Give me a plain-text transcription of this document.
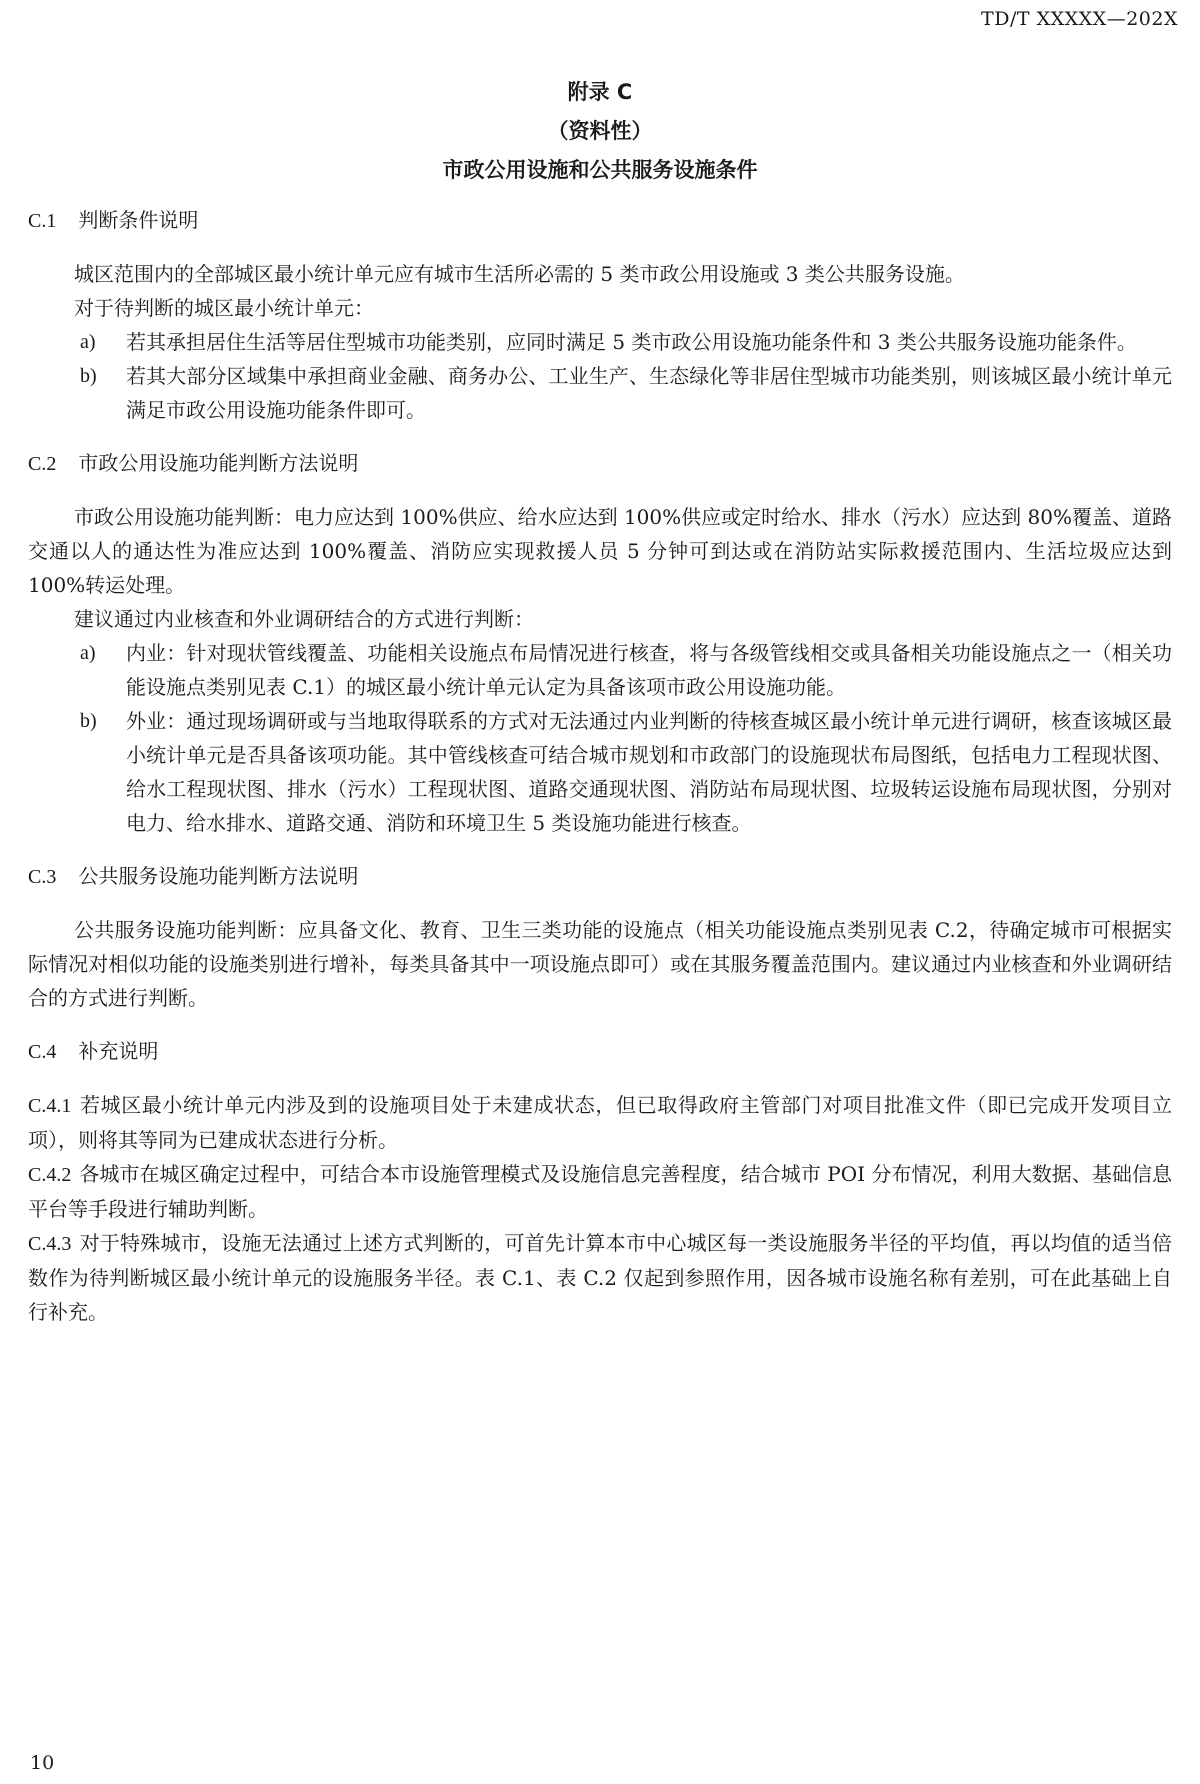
TD/T XXXXX—202X
附录 C
（资料性）
市政公用设施和公共服务设施条件
C.1 判断条件说明

城区范围内的全部城区最小统计单元应有城市生活所必需的 5 类市政公用设施或 3 类公共服务设施。

对于待判断的城区最小统计单元：

a) 若其承担居住生活等居住型城市功能类别，应同时满足 5 类市政公用设施功能条件和 3 类公共服务设施功能条件。
b) 若其大部分区域集中承担商业金融、商务办公、工业生产、生态绿化等非居住型城市功能类别，则该城区最小统计单元满足市政公用设施功能条件即可。
C.2 市政公用设施功能判断方法说明

市政公用设施功能判断：电力应达到 100%供应、给水应达到 100%供应或定时给水、排水（污水）应达到 80%覆盖、道路交通以人的通达性为准应达到 100%覆盖、消防应实现救援人员 5 分钟可到达或在消防站实际救援范围内、生活垃圾应达到 100%转运处理。

建议通过内业核查和外业调研结合的方式进行判断：

a) 内业：针对现状管线覆盖、功能相关设施点布局情况进行核查，将与各级管线相交或具备相关功能设施点之一（相关功能设施点类别见表 C.1）的城区最小统计单元认定为具备该项市政公用设施功能。
b) 外业：通过现场调研或与当地取得联系的方式对无法通过内业判断的待核查城区最小统计单元进行调研，核查该城区最小统计单元是否具备该项功能。其中管线核查可结合城市规划和市政部门的设施现状布局图纸，包括电力工程现状图、给水工程现状图、排水（污水）工程现状图、道路交通现状图、消防站布局现状图、垃圾转运设施布局现状图，分别对电力、给水排水、道路交通、消防和环境卫生 5 类设施功能进行核查。
C.3 公共服务设施功能判断方法说明

公共服务设施功能判断：应具备文化、教育、卫生三类功能的设施点（相关功能设施点类别见表 C.2，待确定城市可根据实际情况对相似功能的设施类别进行增补，每类具备其中一项设施点即可）或在其服务覆盖范围内。建议通过内业核查和外业调研结合的方式进行判断。

C.4 补充说明

C.4.1 若城区最小统计单元内涉及到的设施项目处于未建成状态，但已取得政府主管部门对项目批准文件（即已完成开发项目立项），则将其等同为已建成状态进行分析。

C.4.2 各城市在城区确定过程中，可结合本市设施管理模式及设施信息完善程度，结合城市 POI 分布情况，利用大数据、基础信息平台等手段进行辅助判断。

C.4.3 对于特殊城市，设施无法通过上述方式判断的，可首先计算本市中心城区每一类设施服务半径的平均值，再以均值的适当倍数作为待判断城区最小统计单元的设施服务半径。表 C.1、表 C.2 仅起到参照作用，因各城市设施名称有差别，可在此基础上自行补充。

10
